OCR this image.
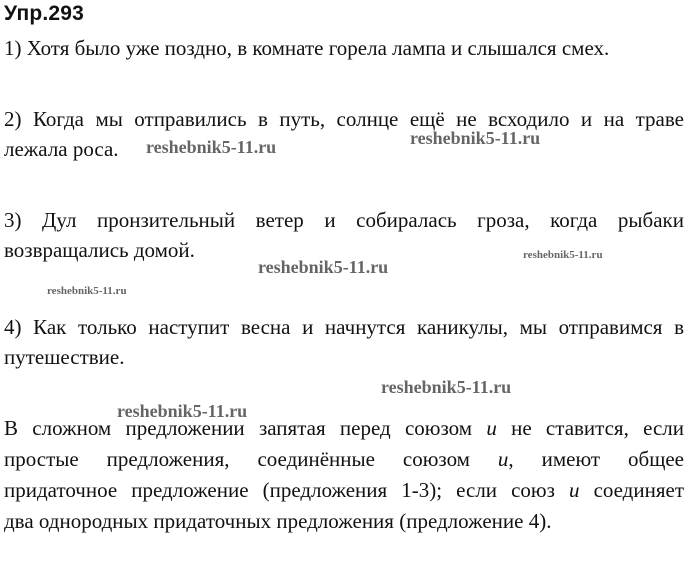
Упр.293
1) Хотя было уже поздно, в комнате горела лампа и слышался смех.
2) Когда мы отправились в путь, солнце ещё не всходило и на траве
лежала роса.
3) Дул пронзительный ветер и собиралась гроза, когда рыбаки
возвращались домой.
4) Как только наступит весна и начнутся каникулы, мы отправимся в
путешествие.
В сложном предложении запятая перед союзом и не ставится, если
простые предложения, соединённые союзом и, имеют общее
придаточное предложение (предложения 1-3); если союз и соединяет
два однородных придаточных предложения (предложение 4).
reshebnik5-11.ru	reshebnik5-11.ru
reshebnik5-11.ru
reshebnik5-11.ru
reshebnik5-11.ru
reshebnik5-11.ru
reshebnik5-11.ru
